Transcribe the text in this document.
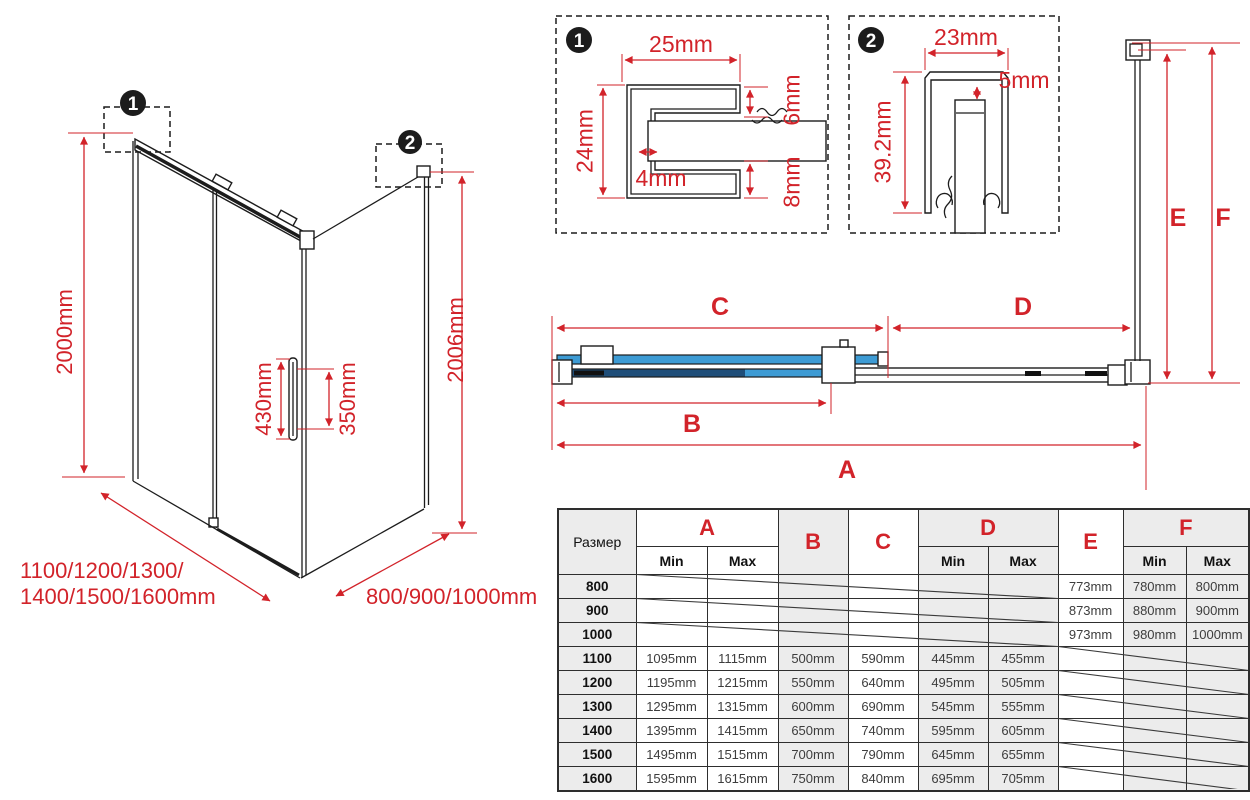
1
2
2000mm	2006mm
430mm	350mm
1100/1200/1300/
1400/1500/1600mm	800/900/1000mm
1	25mm
24mm
4mm
6mm
8mm
2	23mm
5mm
39.2mm
C	D
B
A
E F
Размер	A		B	C	D		E	F	
	Min	Max			Min	Max		Min	Max
800							773mm	780mm	800mm
900							873mm	880mm	900mm
1000							973mm	980mm	1000mm
1100	1095mm	1115mm	500mm	590mm	445mm	455mm			
1200	1195mm	1215mm	550mm	640mm	495mm	505mm			
1300	1295mm	1315mm	600mm	690mm	545mm	555mm			
1400	1395mm	1415mm	650mm	740mm	595mm	605mm			
1500	1495mm	1515mm	700mm	790mm	645mm	655mm			
1600	1595mm	1615mm	750mm	840mm	695mm	705mm			
